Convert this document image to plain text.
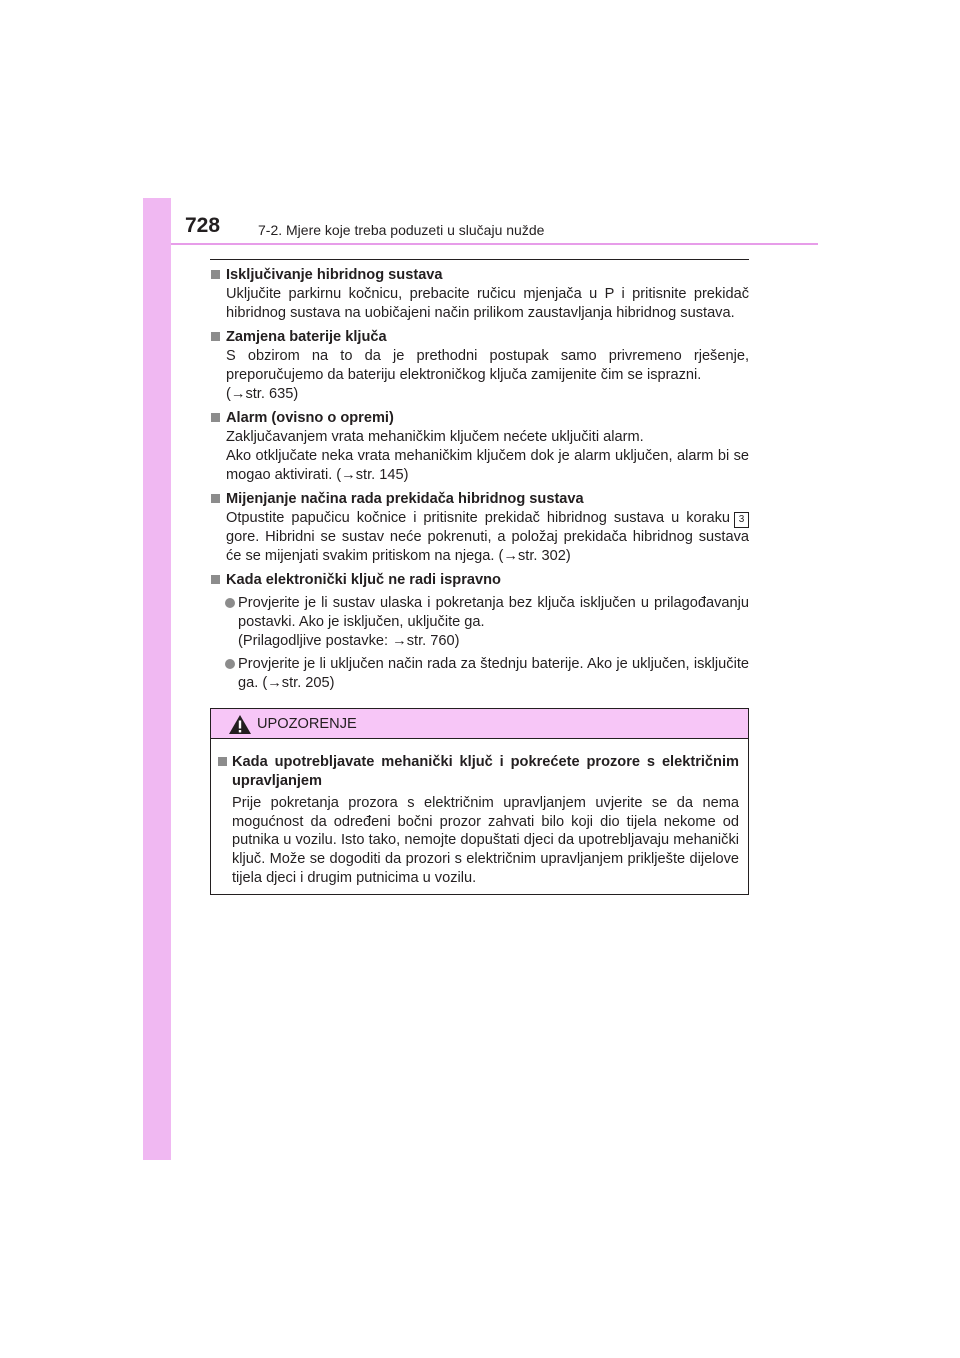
728	7-2. Mjere koje treba poduzeti u slučaju nužde
Isključivanje hibridnog sustava
Uključite parkirnu kočnicu, prebacite ručicu mjenjača u P i pritisnite prekidač hibridnog sustava na uobičajeni način prilikom zaustavljanja hibridnog sustava.
Zamjena baterije ključa
S obzirom na to da je prethodni postupak samo privremeno rješenje, preporučujemo da bateriju elektroničkog ključa zamijenite čim se isprazni.
(→str. 635)
Alarm (ovisno o opremi)
Zaključavanjem vrata mehaničkim ključem nećete uključiti alarm.
Ako otključate neka vrata mehaničkim ključem dok je alarm uključen, alarm bi se mogao aktivirati. (→str. 145)
Mijenjanje načina rada prekidača hibridnog sustava
Otpustite papučicu kočnice i pritisnite prekidač hibridnog sustava u koraku 3 gore. Hibridni se sustav neće pokrenuti, a položaj prekidača hibridnog sustava će se mijenjati svakim pritiskom na njega. (→str. 302)
Kada elektronički ključ ne radi ispravno
Provjerite je li sustav ulaska i pokretanja bez ključa isključen u prilagođavanju postavki. Ako je isključen, uključite ga.
(Prilagodljive postavke: →str. 760)
Provjerite je li uključen način rada za štednju baterije. Ako je uključen, isključite ga. (→str. 205)
UPOZORENJE
Kada upotrebljavate mehanički ključ i pokrećete prozore s električnim upravljanjem
Prije pokretanja prozora s električnim upravljanjem uvjerite se da nema mogućnost da određeni bočni prozor zahvati bilo koji dio tijela nekome od putnika u vozilu. Isto tako, nemojte dopuštati djeci da upotrebljavaju mehanički ključ. Može se dogoditi da prozori s električnim upravljanjem priklješte dijelove tijela djeci i drugim putnicima u vozilu.
